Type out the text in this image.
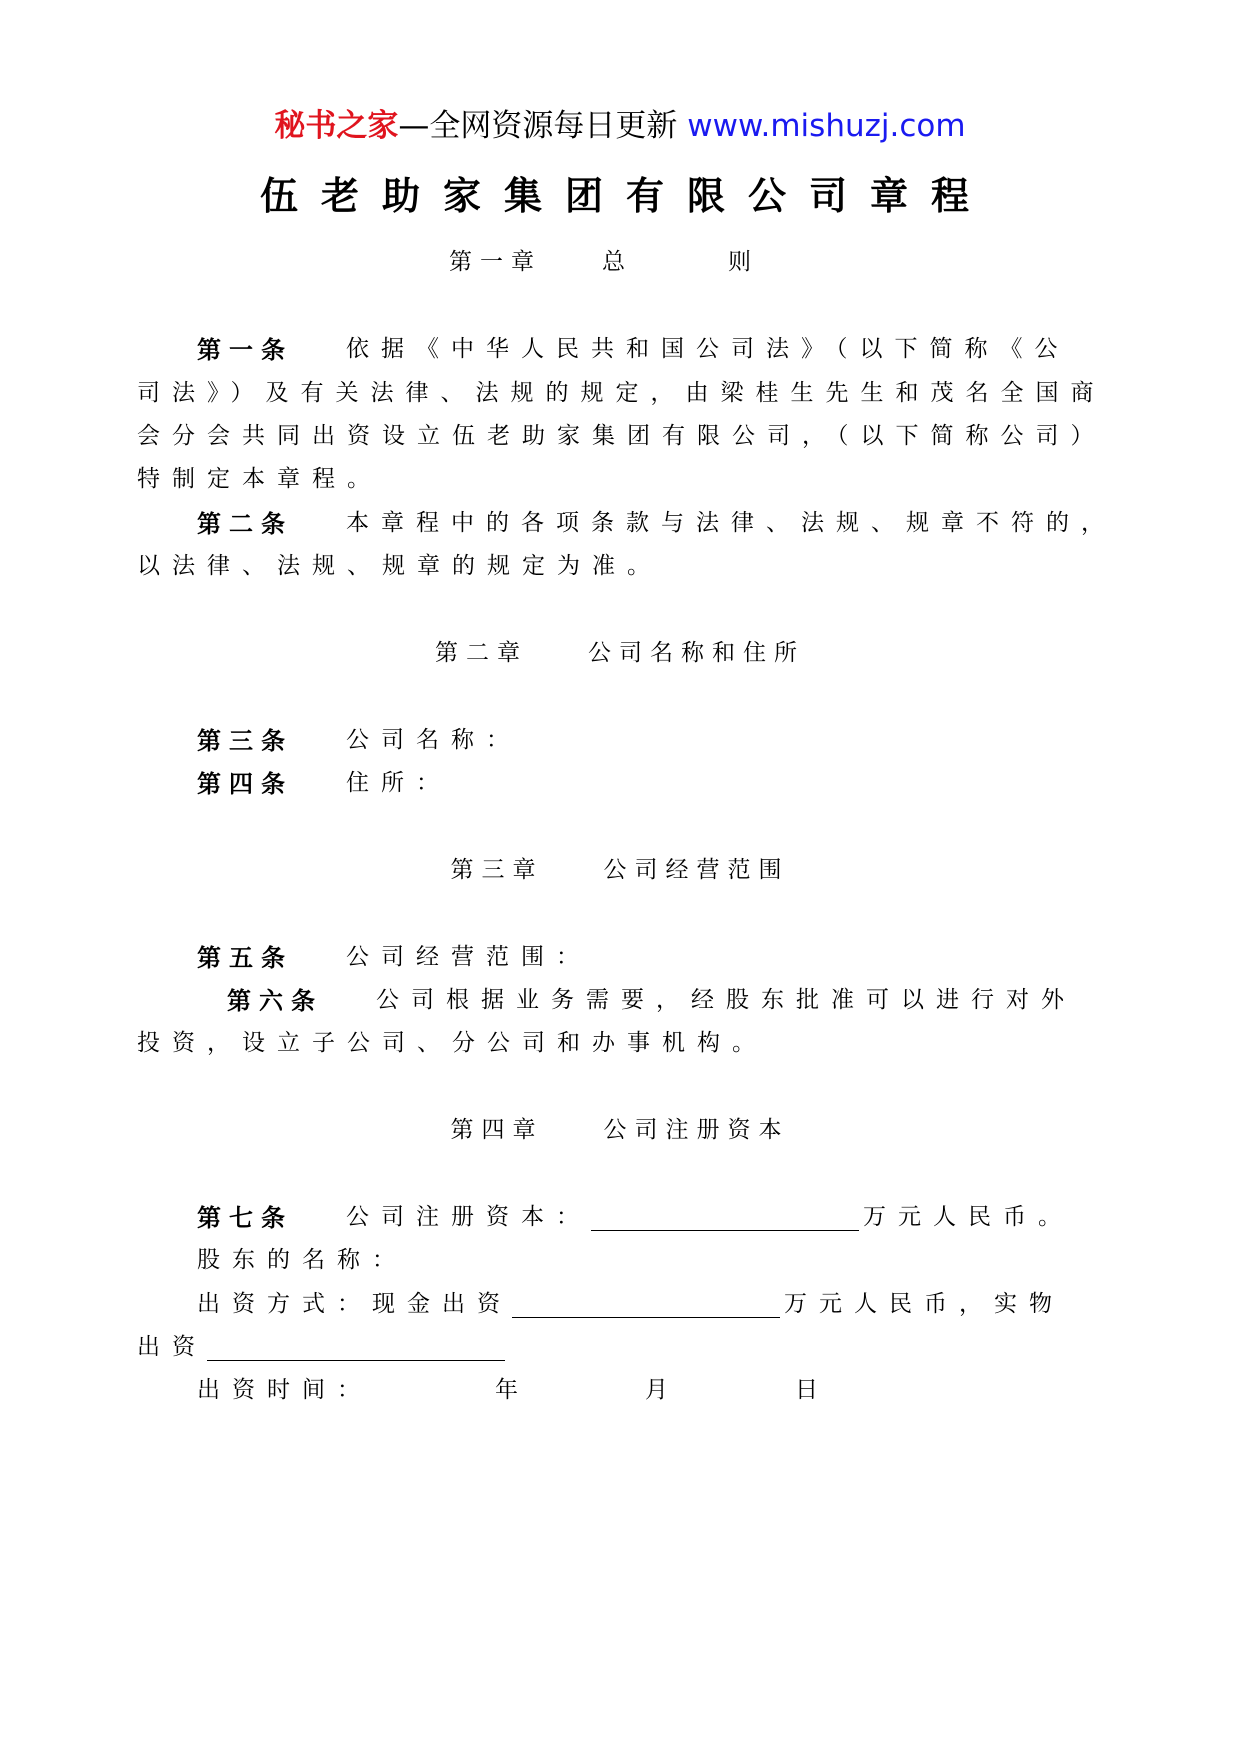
秘书之家—全网资源每日更新 www.mishuzj.com
伍老助家集团有限公司章程
第一章	总　则
第一条 依据《中华人民共和国公司法》（以下简称《公
司法》）及有关法律、法规的规定，由梁桂生先生和茂名全国商
会分会共同出资设立伍老助家集团有限公司，（以下简称公司）
特制定本章程。
第二条 本章程中的各项条款与法律、法规、规章不符的，
以法律、法规、规章的规定为准。
第二章	公司名称和住所
第三条 公司名称：
第四条 住所：
第三章	公司经营范围
第五条 公司经营范围：
第六条 公司根据业务需要，经股东批准可以进行对外
投资，设立子公司、分公司和办事机构。
第四章	公司注册资本
第七条 公司注册资本：	万元人民币。
股东的名称：
出资方式：现金出资	万元人民币，实物
出资
出资时间：	年	月	日
